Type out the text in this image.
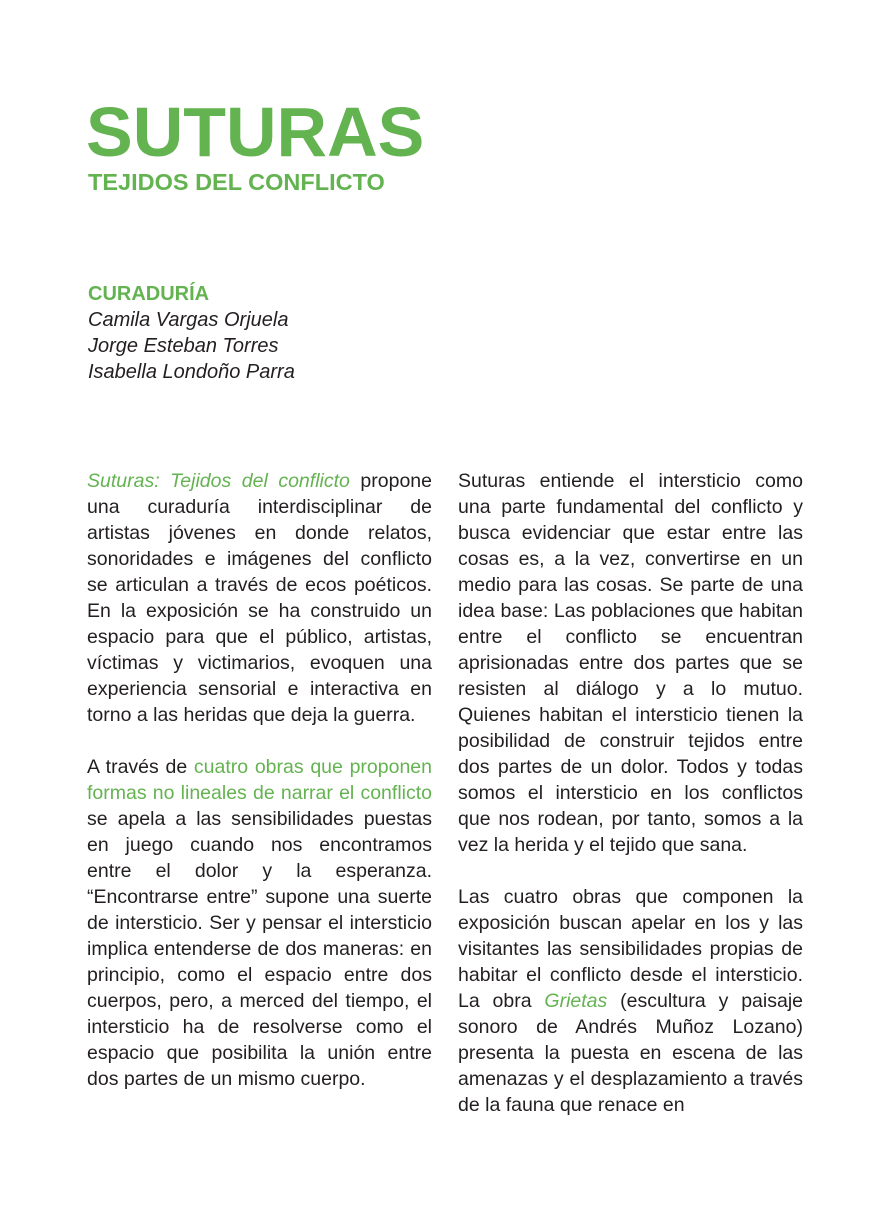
SUTURAS
TEJIDOS DEL CONFLICTO
CURADURÍA
Camila Vargas Orjuela
Jorge Esteban Torres
Isabella Londoño Parra

Suturas: Tejidos del conflicto propone una curaduría interdisciplinar de artistas jóvenes en donde relatos, sonoridades e imágenes del conflicto se articulan a través de ecos poéticos. En la exposición se ha construido un espacio para que el público, artistas, víctimas y victimarios, evoquen una experiencia sensorial e interactiva en torno a las heridas que deja la guerra.

A través de cuatro obras que proponen formas no lineales de narrar el conflicto se apela a las sensibilidades puestas en juego cuando nos encontramos entre el dolor y la esperanza. “Encontrarse entre” supone una suerte de intersticio. Ser y pensar el intersticio implica entenderse de dos maneras: en principio, como el espacio entre dos cuerpos, pero, a merced del tiempo, el intersticio ha de resolverse como el espacio que posibilita la unión entre dos partes de un mismo cuerpo.

Suturas entiende el intersticio como una parte fundamental del conflicto y busca evidenciar que estar entre las cosas es, a la vez, convertirse en un medio para las cosas. Se parte de una idea base: Las poblaciones que habitan entre el conflicto se encuentran aprisionadas entre dos partes que se resisten al diálogo y a lo mutuo. Quienes habitan el intersticio tienen la posibilidad de construir tejidos entre dos partes de un dolor. Todos y todas somos el intersticio en los conflictos que nos rodean, por tanto, somos a la vez la herida y el tejido que sana.

Las cuatro obras que componen la exposición buscan apelar en los y las visitantes las sensibilidades propias de habitar el conflicto desde el intersticio. La obra Grietas (escultura y paisaje sonoro de Andrés Muñoz Lozano) presenta la puesta en escena de las amenazas y el desplazamiento a través de la fauna que renace en
